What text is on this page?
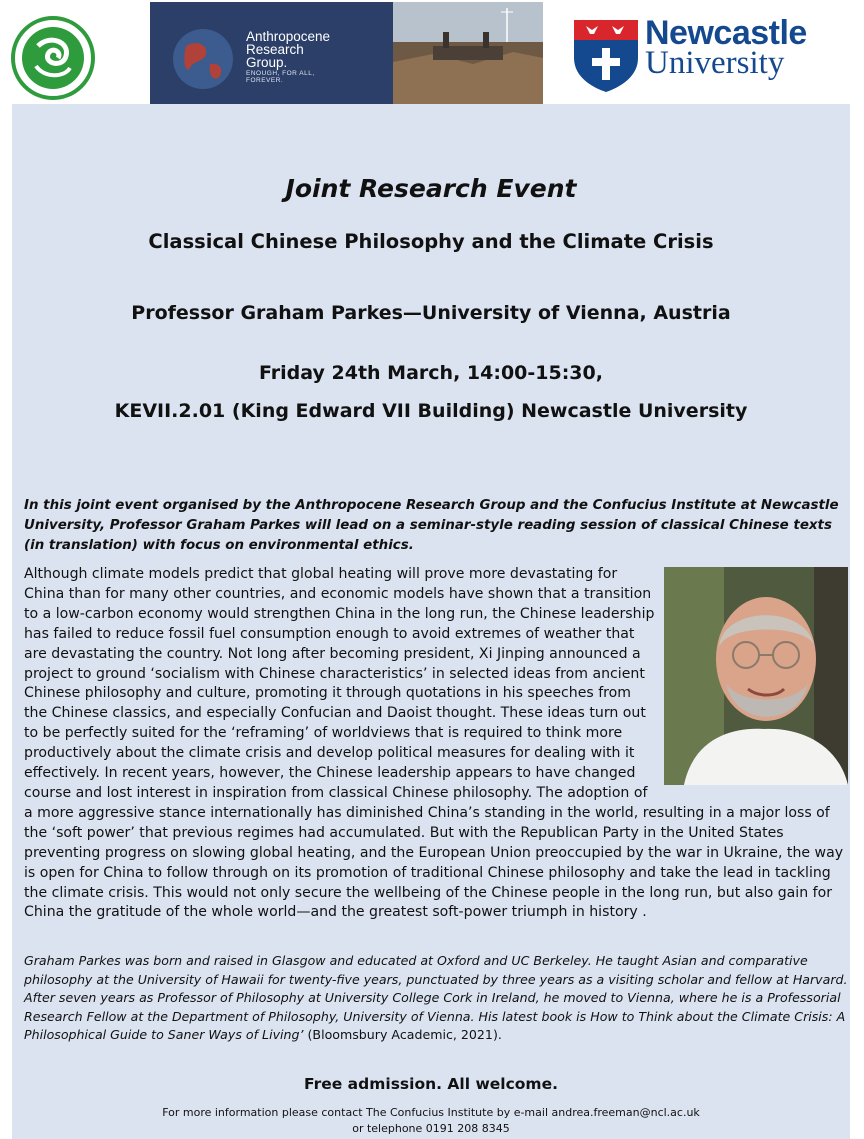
Anthropocene
Research
Group.
ENOUGH, FOR ALL,
FOREVER.
Newcastle
University
Joint Research Event
Classical Chinese Philosophy and the Climate Crisis
Professor Graham Parkes—University of Vienna, Austria
Friday 24th March, 14:00-15:30,
KEVII.2.01 (King Edward VII Building) Newcastle University
In this joint event organised by the Anthropocene Research Group and the Confucius Institute at Newcastle University, Professor Graham Parkes will lead on a seminar-style reading session of classical Chinese texts (in translation) with focus on environmental ethics.
Although climate models predict that global heating will prove more devastating for China than for many other countries, and economic models have shown that a transition to a low-carbon economy would strengthen China in the long run, the Chinese leadership has failed to reduce fossil fuel consumption enough to avoid extremes of weather that are devastating the country. Not long after becoming president, Xi Jinping announced a project to ground ‘socialism with Chinese characteristics’ in selected ideas from ancient Chinese philosophy and culture, promoting it through quotations in his speeches from the Chinese classics, and especially Confucian and Daoist thought. These ideas turn out to be perfectly suited for the ‘reframing’ of worldviews that is required to think more productively about the climate crisis and develop political measures for dealing with it effectively. In recent years, however, the Chinese leadership appears to have changed course and lost interest in inspiration from classical Chinese philosophy. The adoption of a more aggressive stance internationally has diminished China’s standing in the world, resulting in a major loss of the ‘soft power’ that previous regimes had accumulated. But with the Republican Party in the United States preventing progress on slowing global heating, and the European Union preoccupied by the war in Ukraine, the way is open for China to follow through on its promotion of traditional Chinese philosophy and take the lead in tackling the climate crisis. This would not only secure the wellbeing of the Chinese people in the long run, but also gain for China the gratitude of the whole world—and the greatest soft-power triumph in history .
Graham Parkes was born and raised in Glasgow and educated at Oxford and UC Berkeley. He taught Asian and comparative philosophy at the University of Hawaii for twenty-five years, punctuated by three years as a visiting scholar and fellow at Harvard. After seven years as Professor of Philosophy at University College Cork in Ireland, he moved to Vienna, where he is a Professorial Research Fellow at the Department of Philosophy, University of Vienna. His latest book is How to Think about the Climate Crisis: A Philosophical Guide to Saner Ways of Living’ (Bloomsbury Academic, 2021).
Free admission. All welcome.
For more information please contact The Confucius Institute by e-mail andrea.freeman@ncl.ac.uk
or telephone 0191 208 8345
